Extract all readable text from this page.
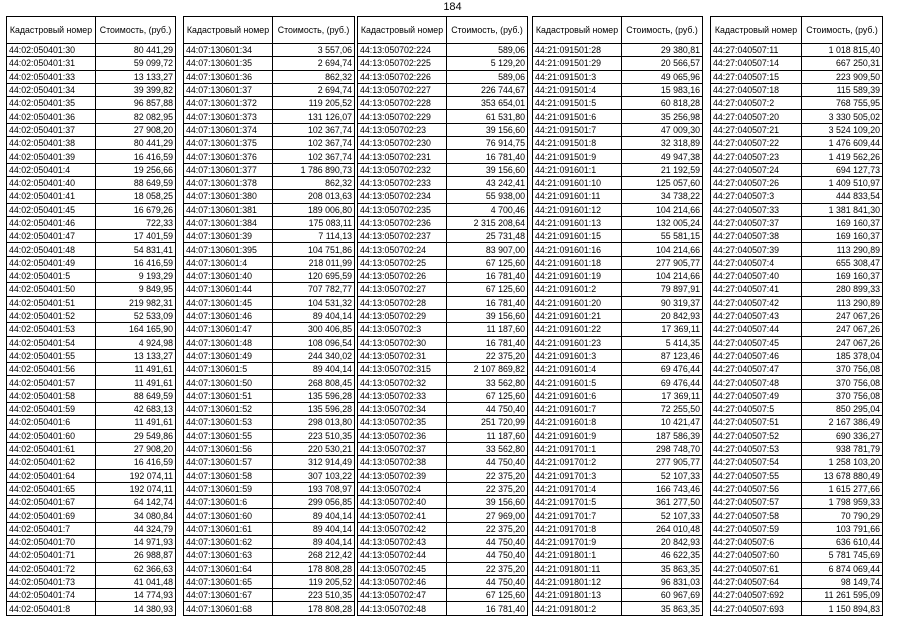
184
Кадастровый номер	Стоимость, (руб.)
44:02:050401:30	80 441,29
44:02:050401:31	59 099,72
44:02:050401:33	13 133,27
44:02:050401:34	39 399,82
44:02:050401:35	96 857,88
44:02:050401:36	82 082,95
44:02:050401:37	27 908,20
44:02:050401:38	80 441,29
44:02:050401:39	16 416,59
44:02:050401:4	19 256,66
44:02:050401:40	88 649,59
44:02:050401:41	18 058,25
44:02:050401:45	16 679,26
44:02:050401:46	722,33
44:02:050401:47	17 401,59
44:02:050401:48	54 831,41
44:02:050401:49	16 416,59
44:02:050401:5	9 193,29
44:02:050401:50	9 849,95
44:02:050401:51	219 982,31
44:02:050401:52	52 533,09
44:02:050401:53	164 165,90
44:02:050401:54	4 924,98
44:02:050401:55	13 133,27
44:02:050401:56	11 491,61
44:02:050401:57	11 491,61
44:02:050401:58	88 649,59
44:02:050401:59	42 683,13
44:02:050401:6	11 491,61
44:02:050401:60	29 549,86
44:02:050401:61	27 908,20
44:02:050401:62	16 416,59
44:02:050401:64	192 074,11
44:02:050401:65	192 074,11
44:02:050401:67	64 142,74
44:02:050401:69	34 080,84
44:02:050401:7	44 324,79
44:02:050401:70	14 971,93
44:02:050401:71	26 988,87
44:02:050401:72	62 366,63
44:02:050401:73	41 041,48
44:02:050401:74	14 774,93
44:02:050401:8	14 380,93
Кадастровый номер	Стоимость, (руб.)
44:07:130601:34	3 557,06
44:07:130601:35	2 694,74
44:07:130601:36	862,32
44:07:130601:37	2 694,74
44:07:130601:372	119 205,52
44:07:130601:373	131 126,07
44:07:130601:374	102 367,74
44:07:130601:375	102 367,74
44:07:130601:376	102 367,74
44:07:130601:377	1 786 890,73
44:07:130601:378	862,32
44:07:130601:380	208 013,63
44:07:130601:381	189 006,80
44:07:130601:384	175 083,11
44:07:130601:39	7 114,13
44:07:130601:395	104 751,86
44:07:130601:4	218 011,99
44:07:130601:40	120 695,59
44:07:130601:44	707 782,77
44:07:130601:45	104 531,32
44:07:130601:46	89 404,14
44:07:130601:47	300 406,85
44:07:130601:48	108 096,54
44:07:130601:49	244 340,02
44:07:130601:5	89 404,14
44:07:130601:50	268 808,45
44:07:130601:51	135 596,28
44:07:130601:52	135 596,28
44:07:130601:53	298 013,80
44:07:130601:55	223 510,35
44:07:130601:56	220 530,21
44:07:130601:57	312 914,49
44:07:130601:58	307 103,22
44:07:130601:59	193 708,97
44:07:130601:6	299 056,85
44:07:130601:60	89 404,14
44:07:130601:61	89 404,14
44:07:130601:62	89 404,14
44:07:130601:63	268 212,42
44:07:130601:64	178 808,28
44:07:130601:65	119 205,52
44:07:130601:67	223 510,35
44:07:130601:68	178 808,28
Кадастровый номер	Стоимость, (руб.)
44:13:050702:224	589,06
44:13:050702:225	5 129,20
44:13:050702:226	589,06
44:13:050702:227	226 744,67
44:13:050702:228	353 654,01
44:13:050702:229	61 531,80
44:13:050702:23	39 156,60
44:13:050702:230	76 914,75
44:13:050702:231	16 781,40
44:13:050702:232	39 156,60
44:13:050702:233	43 242,41
44:13:050702:234	55 938,00
44:13:050702:235	4 700,46
44:13:050702:236	2 315 208,64
44:13:050702:237	25 731,48
44:13:050702:24	83 907,00
44:13:050702:25	67 125,60
44:13:050702:26	16 781,40
44:13:050702:27	67 125,60
44:13:050702:28	16 781,40
44:13:050702:29	39 156,60
44:13:050702:3	11 187,60
44:13:050702:30	16 781,40
44:13:050702:31	22 375,20
44:13:050702:315	2 107 869,82
44:13:050702:32	33 562,80
44:13:050702:33	67 125,60
44:13:050702:34	44 750,40
44:13:050702:35	251 720,99
44:13:050702:36	11 187,60
44:13:050702:37	33 562,80
44:13:050702:38	44 750,40
44:13:050702:39	22 375,20
44:13:050702:4	22 375,20
44:13:050702:40	39 156,60
44:13:050702:41	27 969,00
44:13:050702:42	22 375,20
44:13:050702:43	44 750,40
44:13:050702:44	44 750,40
44:13:050702:45	22 375,20
44:13:050702:46	44 750,40
44:13:050702:47	67 125,60
44:13:050702:48	16 781,40
Кадастровый номер	Стоимость, (руб.)
44:21:091501:28	29 380,81
44:21:091501:29	20 566,57
44:21:091501:3	49 065,96
44:21:091501:4	15 983,16
44:21:091501:5	60 818,28
44:21:091501:6	35 256,98
44:21:091501:7	47 009,30
44:21:091501:8	32 318,89
44:21:091501:9	49 947,38
44:21:091601:1	21 192,59
44:21:091601:10	125 057,60
44:21:091601:11	34 738,22
44:21:091601:12	104 214,66
44:21:091601:13	132 005,24
44:21:091601:15	55 581,15
44:21:091601:16	104 214,66
44:21:091601:18	277 905,77
44:21:091601:19	104 214,66
44:21:091601:2	79 897,91
44:21:091601:20	90 319,37
44:21:091601:21	20 842,93
44:21:091601:22	17 369,11
44:21:091601:23	5 414,35
44:21:091601:3	87 123,46
44:21:091601:4	69 476,44
44:21:091601:5	69 476,44
44:21:091601:6	17 369,11
44:21:091601:7	72 255,50
44:21:091601:8	10 421,47
44:21:091601:9	187 586,39
44:21:091701:1	298 748,70
44:21:091701:2	277 905,77
44:21:091701:3	52 107,33
44:21:091701:4	166 743,46
44:21:091701:5	361 277,50
44:21:091701:7	52 107,33
44:21:091701:8	264 010,48
44:21:091701:9	20 842,93
44:21:091801:1	46 622,35
44:21:091801:11	35 863,35
44:21:091801:12	96 831,03
44:21:091801:13	60 967,69
44:21:091801:2	35 863,35
Кадастровый номер	Стоимость, (руб.)
44:27:040507:11	1 018 815,40
44:27:040507:14	667 250,31
44:27:040507:15	223 909,50
44:27:040507:18	115 589,39
44:27:040507:2	768 755,95
44:27:040507:20	3 330 505,02
44:27:040507:21	3 524 109,20
44:27:040507:22	1 476 609,44
44:27:040507:23	1 419 562,26
44:27:040507:24	694 127,73
44:27:040507:26	1 409 510,97
44:27:040507:3	444 833,54
44:27:040507:33	1 381 841,30
44:27:040507:37	169 160,37
44:27:040507:38	169 160,37
44:27:040507:39	113 290,89
44:27:040507:4	655 308,47
44:27:040507:40	169 160,37
44:27:040507:41	280 899,33
44:27:040507:42	113 290,89
44:27:040507:43	247 067,26
44:27:040507:44	247 067,26
44:27:040507:45	247 067,26
44:27:040507:46	185 378,04
44:27:040507:47	370 756,08
44:27:040507:48	370 756,08
44:27:040507:49	370 756,08
44:27:040507:5	850 295,04
44:27:040507:51	2 167 386,49
44:27:040507:52	690 336,27
44:27:040507:53	938 781,79
44:27:040507:54	1 258 103,20
44:27:040507:55	13 678 880,49
44:27:040507:56	1 615 277,66
44:27:040507:57	1 798 959,33
44:27:040507:58	70 790,29
44:27:040507:59	103 791,66
44:27:040507:6	636 610,44
44:27:040507:60	5 781 745,69
44:27:040507:61	6 874 069,44
44:27:040507:64	98 149,74
44:27:040507:692	11 261 595,09
44:27:040507:693	1 150 894,83
